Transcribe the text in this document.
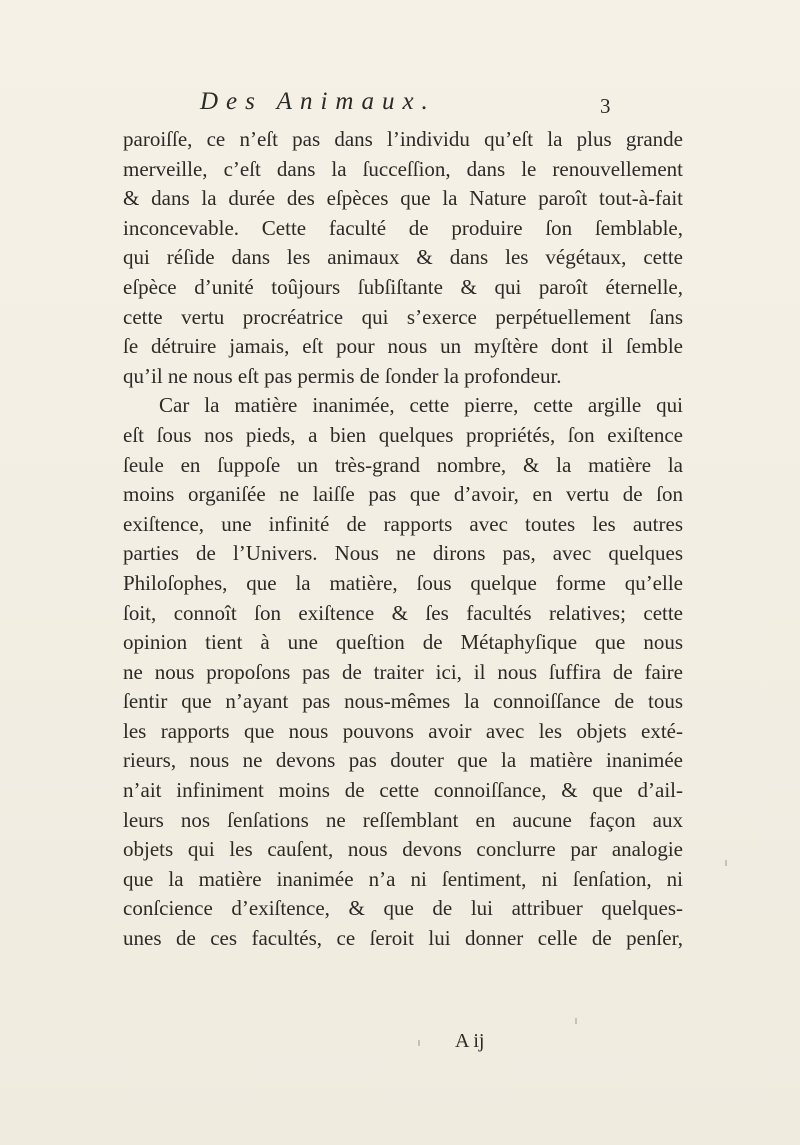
Des Animaux.	3
paroiſſe, ce n’eſt pas dans l’individu qu’eſt la plus grande
merveille, c’eſt dans la ſucceſſion, dans le renouvellement
& dans la durée des eſpèces que la Nature paroît tout-à-fait
inconcevable. Cette faculté de produire ſon ſemblable,
qui réſide dans les animaux & dans les végétaux, cette
eſpèce d’unité toûjours ſubſiſtante & qui paroît éternelle,
cette vertu procréatrice qui s’exerce perpétuellement ſans
ſe détruire jamais, eſt pour nous un myſtère dont il ſemble
qu’il ne nous eſt pas permis de ſonder la profondeur.
Car la matière inanimée, cette pierre, cette argille qui
eſt ſous nos pieds, a bien quelques propriétés, ſon exiſtence
ſeule en ſuppoſe un très-grand nombre, & la matière la
moins organiſée ne laiſſe pas que d’avoir, en vertu de ſon
exiſtence, une infinité de rapports avec toutes les autres
parties de l’Univers. Nous ne dirons pas, avec quelques
Philoſophes, que la matière, ſous quelque forme qu’elle
ſoit, connoît ſon exiſtence & ſes facultés relatives; cette
opinion tient à une queſtion de Métaphyſique que nous
ne nous propoſons pas de traiter ici, il nous ſuffira de faire
ſentir que n’ayant pas nous-mêmes la connoiſſance de tous
les rapports que nous pouvons avoir avec les objets exté-
rieurs, nous ne devons pas douter que la matière inanimée
n’ait infiniment moins de cette connoiſſance, & que d’ail-
leurs nos ſenſations ne reſſemblant en aucune façon aux
objets qui les cauſent, nous devons conclurre par analogie
que la matière inanimée n’a ni ſentiment, ni ſenſation, ni
conſcience d’exiſtence, & que de lui attribuer quelques-
unes de ces facultés, ce ſeroit lui donner celle de penſer,
A ij
